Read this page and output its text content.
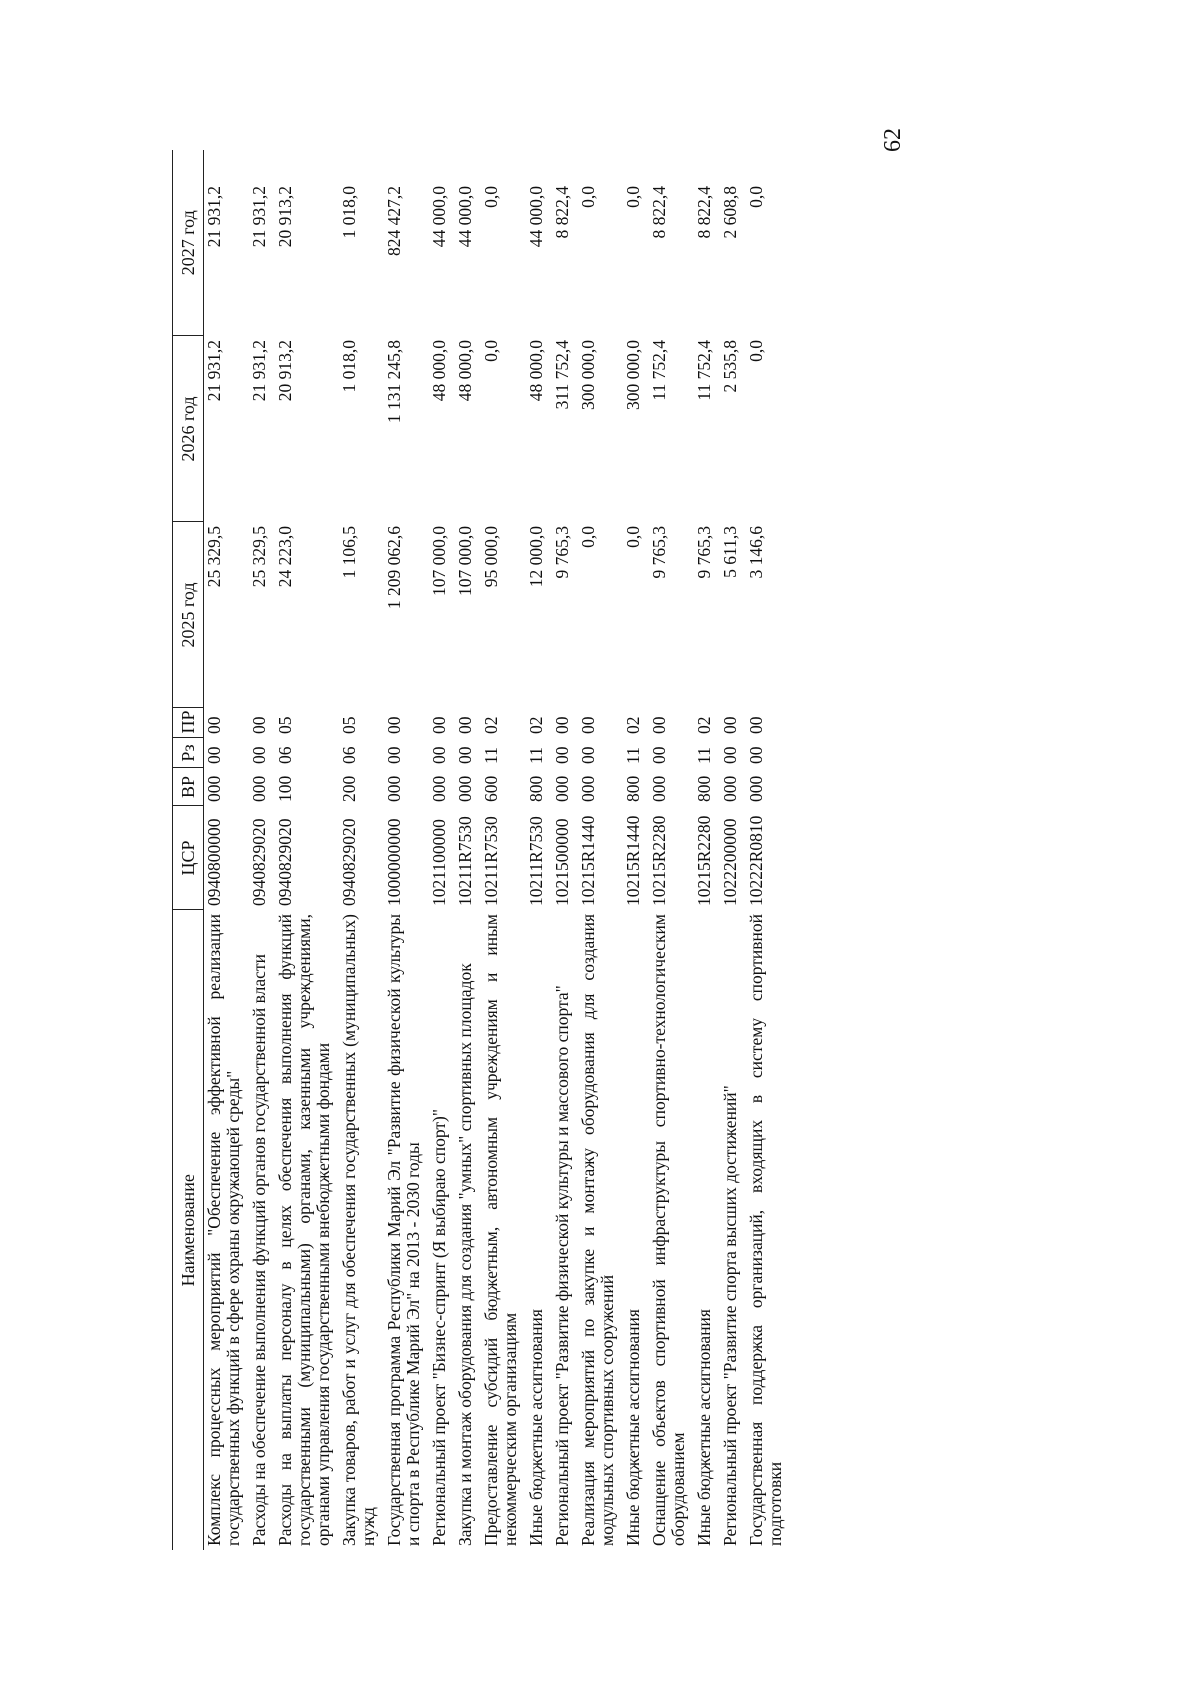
62
Наименование	ЦСР	ВР	Рз	ПР	2025 год	2026 год	2027 год
Комплекс процессных мероприятий "Обеспечение эффективной реализации государственных функций в сфере охраны окружающей среды"	0940800000	000	00	00	25 329,5	21 931,2	21 931,2
Расходы на обеспечение выполнения функций органов государственной власти	0940829020	000	00	00	25 329,5	21 931,2	21 931,2
Расходы на выплаты персоналу в целях обеспечения выполнения функций государственными (муниципальными) органами, казенными учреждениями, органами управления государственными внебюджетными фондами	0940829020	100	06	05	24 223,0	20 913,2	20 913,2
Закупка товаров, работ и услуг для обеспечения государственных (муниципальных) нужд	0940829020	200	06	05	1 106,5	1 018,0	1 018,0
Государственная программа Республики Марий Эл "Развитие физической культуры и спорта в Республике Марий Эл" на 2013 - 2030 годы	1000000000	000	00	00	1 209 062,6	1 131 245,8	824 427,2
Региональный проект "Бизнес-спринт (Я выбираю спорт)"	1021100000	000	00	00	107 000,0	48 000,0	44 000,0
Закупка и монтаж оборудования для создания "умных" спортивных площадок	10211R7530	000	00	00	107 000,0	48 000,0	44 000,0
Предоставление субсидий бюджетным, автономным учреждениям и иным некоммерческим организациям	10211R7530	600	11	02	95 000,0	0,0	0,0
Иные бюджетные ассигнования	10211R7530	800	11	02	12 000,0	48 000,0	44 000,0
Региональный проект "Развитие физической культуры и массового спорта"	1021500000	000	00	00	9 765,3	311 752,4	8 822,4
Реализация мероприятий по закупке и монтажу оборудования для создания модульных спортивных сооружений	10215R1440	000	00	00	0,0	300 000,0	0,0
Иные бюджетные ассигнования	10215R1440	800	11	02	0,0	300 000,0	0,0
Оснащение объектов спортивной инфраструктуры спортивно-технологическим оборудованием	10215R2280	000	00	00	9 765,3	11 752,4	8 822,4
Иные бюджетные ассигнования	10215R2280	800	11	02	9 765,3	11 752,4	8 822,4
Региональный проект "Развитие спорта высших достижений"	1022200000	000	00	00	5 611,3	2 535,8	2 608,8
Государственная поддержка организаций, входящих в систему спортивной подготовки	10222R0810	000	00	00	3 146,6	0,0	0,0
